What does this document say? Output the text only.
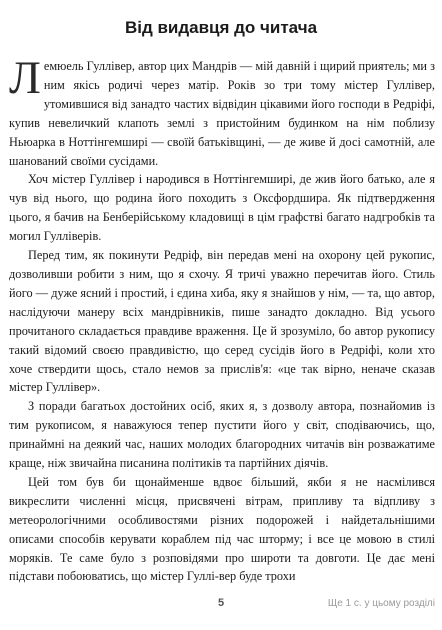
Від видавця до читача

Лемюель Гуллівер, автор цих Мандрів — мій давній і щирий приятель; ми з ним якісь родичі через матір. Років зо три тому містер Гуллівер, утомившися від занадто частих відвідин цікавими його господи в Редріфі, купив невеличкий клапоть землі з пристойним будинком на нім поблизу Ньюарка в Ноттінгемширі — своїй батьківщині, — де живе й досі самотній, але шанований своїми сусідами.

Хоч містер Гуллівер і народився в Ноттінгемширі, де жив його батько, але я чув від нього, що родина його походить з Оксфордшира. Як підтвердження цього, я бачив на Бенберійському кладовищі в цім графстві багато надгробків та могил Гулліверів.

Перед тим, як покинути Редріф, він передав мені на охорону цей рукопис, дозволивши робити з ним, що я схочу. Я тричі уважно перечитав його. Стиль його — дуже ясний і простий, і єдина хиба, яку я знайшов у нім, — та, що автор, наслідуючи манеру всіх мандрівників, пише занадто докладно. Від усього прочитаного складається правдиве враження. Це й зрозуміло, бо автор рукопису такий відомий своєю правдивістю, що серед сусідів його в Редріфі, коли хто хоче ствердити щось, стало немов за прислів'я: «це так вірно, неначе сказав містер Гуллівер».

З поради багатьох достойних осіб, яких я, з дозволу автора, познайомив із тим рукописом, я наважуюся тепер пустити його у світ, сподіваючись, що, принаймні на деякий час, наших молодих благородних читачів він розважатиме краще, ніж звичайна писанина політиків та партійних діячів.

Цей том був би щонайменше вдвоє більший, якби я не насмілився викреслити численні місця, присвячені вітрам, припливу та відпливу з метеорологічними особливостями різних подорожей і найдетальнішими описами способів керувати кораблем під час шторму; і все це мовою в стилі моряків. Те саме було з розповідями про широти та довготи. Це дає мені підстави побоюватись, що містер Гуллі-вер буде трохи

5	Ще 1 с. у цьому розділі
